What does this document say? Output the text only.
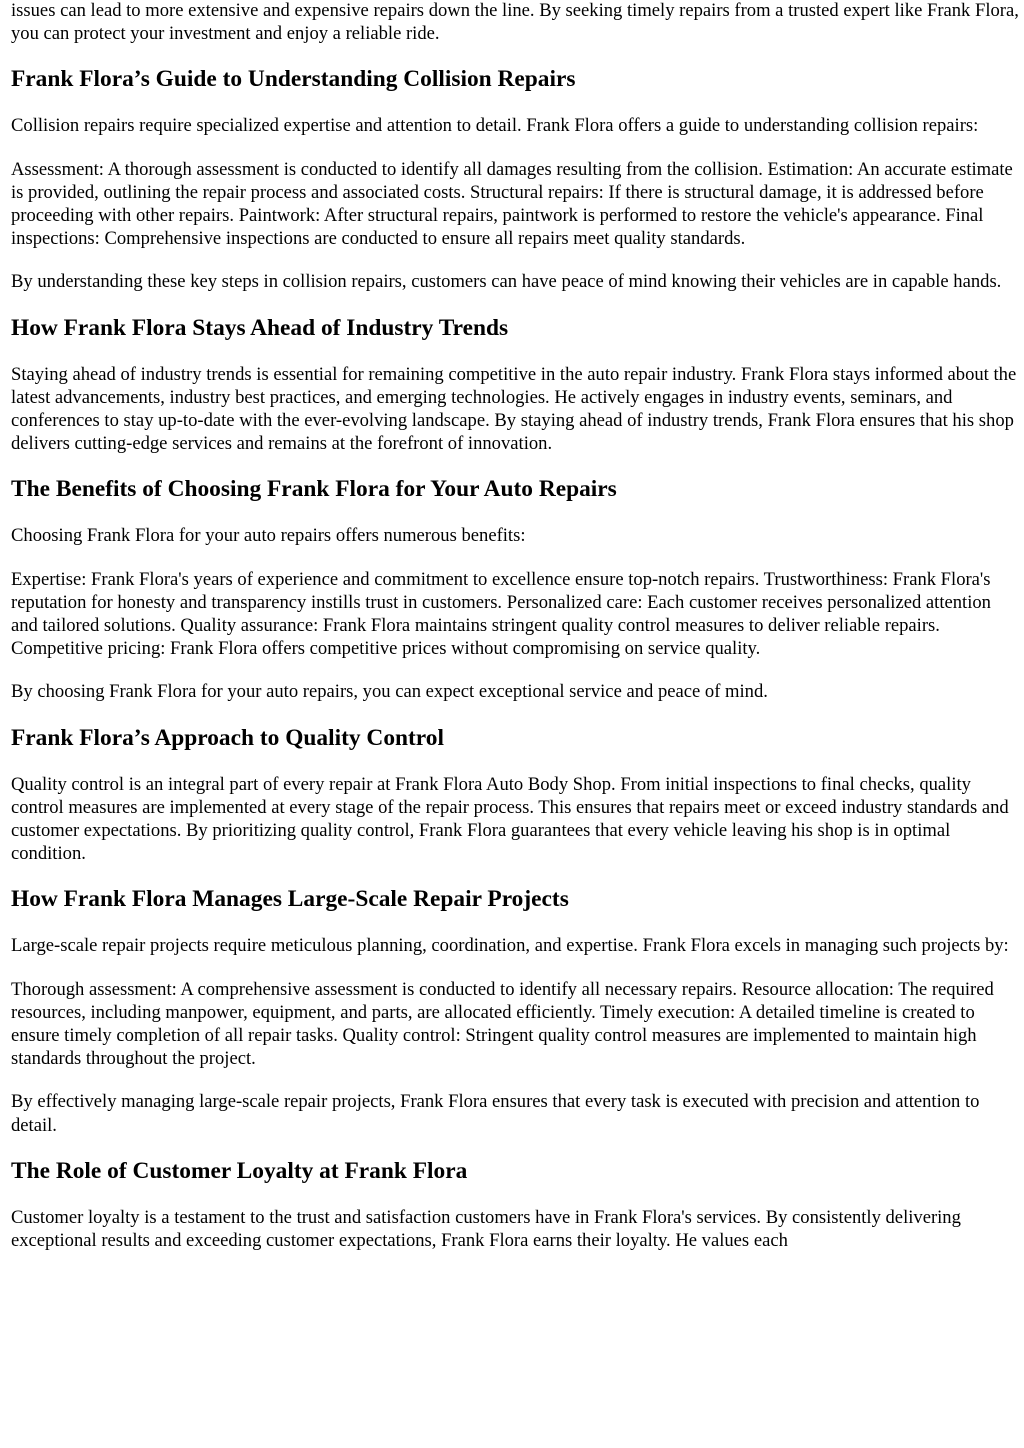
issues can lead to more extensive and expensive repairs down the line. By seeking timely repairs from a trusted expert like Frank Flora, you can protect your investment and enjoy a reliable ride.

Frank Flora’s Guide to Understanding Collision Repairs

Collision repairs require specialized expertise and attention to detail. Frank Flora offers a guide to understanding collision repairs:

Assessment: A thorough assessment is conducted to identify all damages resulting from the collision. Estimation: An accurate estimate is provided, outlining the repair process and associated costs. Structural repairs: If there is structural damage, it is addressed before proceeding with other repairs. Paintwork: After structural repairs, paintwork is performed to restore the vehicle's appearance. Final inspections: Comprehensive inspections are conducted to ensure all repairs meet quality standards.

By understanding these key steps in collision repairs, customers can have peace of mind knowing their vehicles are in capable hands.

How Frank Flora Stays Ahead of Industry Trends

Staying ahead of industry trends is essential for remaining competitive in the auto repair industry. Frank Flora stays informed about the latest advancements, industry best practices, and emerging technologies. He actively engages in industry events, seminars, and conferences to stay up-to-date with the ever-evolving landscape. By staying ahead of industry trends, Frank Flora ensures that his shop delivers cutting-edge services and remains at the forefront of innovation.

The Benefits of Choosing Frank Flora for Your Auto Repairs

Choosing Frank Flora for your auto repairs offers numerous benefits:

Expertise: Frank Flora's years of experience and commitment to excellence ensure top-notch repairs. Trustworthiness: Frank Flora's reputation for honesty and transparency instills trust in customers. Personalized care: Each customer receives personalized attention and tailored solutions. Quality assurance: Frank Flora maintains stringent quality control measures to deliver reliable repairs. Competitive pricing: Frank Flora offers competitive prices without compromising on service quality.

By choosing Frank Flora for your auto repairs, you can expect exceptional service and peace of mind.

Frank Flora’s Approach to Quality Control

Quality control is an integral part of every repair at Frank Flora Auto Body Shop. From initial inspections to final checks, quality control measures are implemented at every stage of the repair process. This ensures that repairs meet or exceed industry standards and customer expectations. By prioritizing quality control, Frank Flora guarantees that every vehicle leaving his shop is in optimal condition.

How Frank Flora Manages Large-Scale Repair Projects

Large-scale repair projects require meticulous planning, coordination, and expertise. Frank Flora excels in managing such projects by:

Thorough assessment: A comprehensive assessment is conducted to identify all necessary repairs. Resource allocation: The required resources, including manpower, equipment, and parts, are allocated efficiently. Timely execution: A detailed timeline is created to ensure timely completion of all repair tasks. Quality control: Stringent quality control measures are implemented to maintain high standards throughout the project.

By effectively managing large-scale repair projects, Frank Flora ensures that every task is executed with precision and attention to detail.

The Role of Customer Loyalty at Frank Flora

Customer loyalty is a testament to the trust and satisfaction customers have in Frank Flora's services. By consistently delivering exceptional results and exceeding customer expectations, Frank Flora earns their loyalty. He values each
